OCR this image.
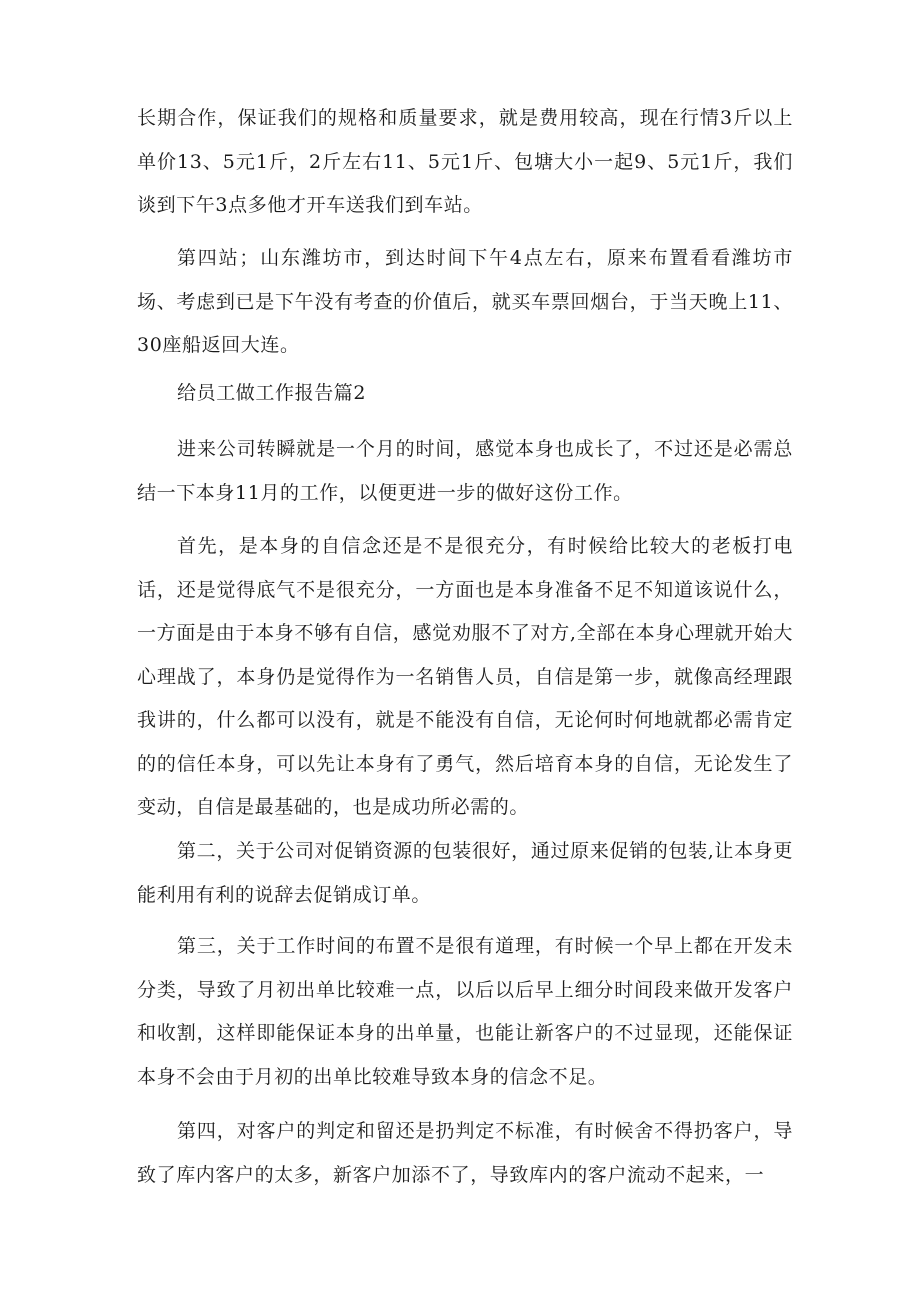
长期合作，保证我们的规格和质量要求，就是费用较高，现在行情3斤以上单价13、5元1斤，2斤左右11、5元1斤、包塘大小一起9、5元1斤，我们谈到下午3点多他才开车送我们到车站。

第四站；山东潍坊市，到达时间下午4点左右，原来布置看看潍坊市场、考虑到已是下午没有考查的价值后，就买车票回烟台，于当天晚上11、30座船返回大连。

给员工做工作报告篇2

进来公司转瞬就是一个月的时间，感觉本身也成长了，不过还是必需总结一下本身11月的工作，以便更进一步的做好这份工作。

首先，是本身的自信念还是不是很充分，有时候给比较大的老板打电话，还是觉得底气不是很充分，一方面也是本身准备不足不知道该说什么，一方面是由于本身不够有自信，感觉劝服不了对方,全部在本身心理就开始大心理战了，本身仍是觉得作为一名销售人员，自信是第一步，就像高经理跟我讲的，什么都可以没有，就是不能没有自信，无论何时何地就都必需肯定的的信任本身，可以先让本身有了勇气，然后培育本身的自信，无论发生了变动，自信是最基础的，也是成功所必需的。

第二，关于公司对促销资源的包装很好，通过原来促销的包装,让本身更能利用有利的说辞去促销成订单。

第三，关于工作时间的布置不是很有道理，有时候一个早上都在开发未分类，导致了月初出单比较难一点，以后以后早上细分时间段来做开发客户和收割，这样即能保证本身的出单量，也能让新客户的不过显现，还能保证本身不会由于月初的出单比较难导致本身的信念不足。

第四，对客户的判定和留还是扔判定不标准，有时候舍不得扔客户，导致了库内客户的太多，新客户加添不了，导致库内的客户流动不起来，一
